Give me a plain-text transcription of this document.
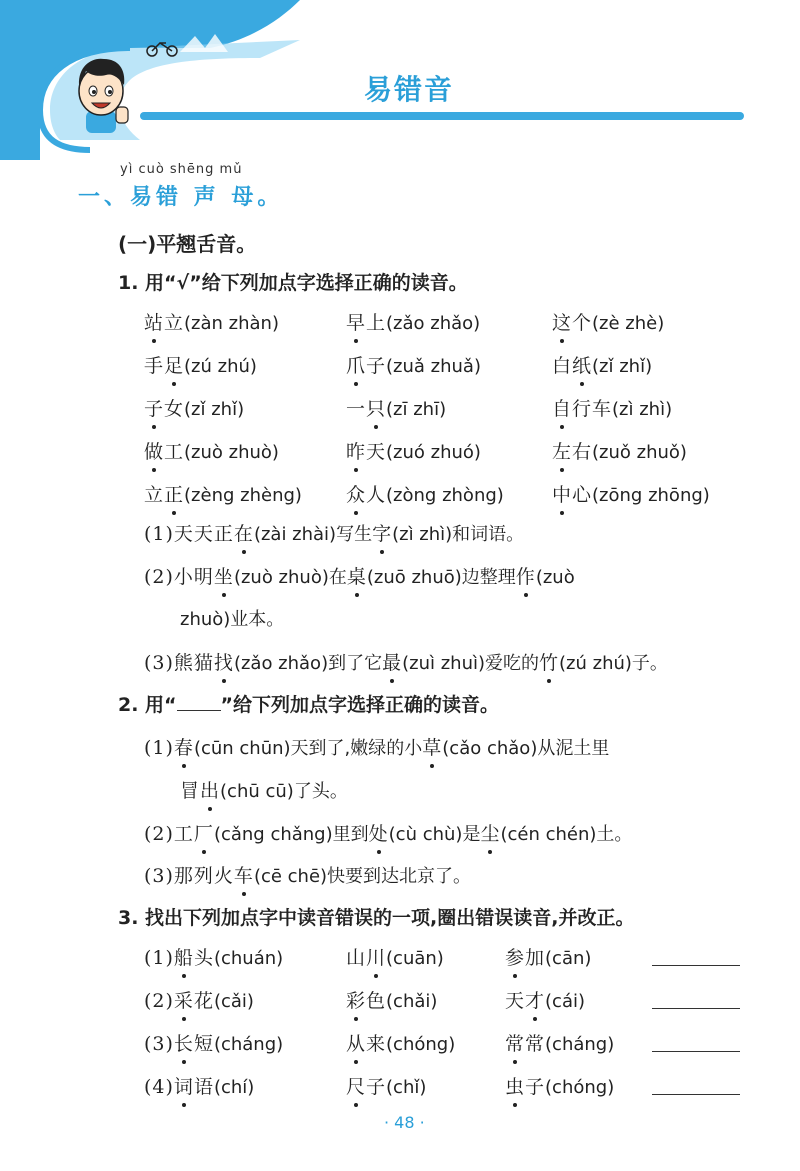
易错音
yì cuò shēng mǔ
一、易错 声 母。
(一)平翘舌音。
1. 用“√”给下列加点字选择正确的读音。
(1)天天正在(zài zhài)写生字(zì zhì)和词语。
(2)小明坐(zuò zhuò)在桌(zuō zhuō)边整理作(zuò
zhuò)业本。
(3)熊猫找(zǎo zhǎo)到了它最(zuì zhuì)爱吃的竹(zú zhú)子。
2. 用“ ”给下列加点字选择正确的读音。
(1)春(cūn chūn)天到了,嫩绿的小草(cǎo chǎo)从泥土里
冒出(chū cū)了头。
(2)工厂(cǎng chǎng)里到处(cù chù)是尘(cén chén)土。
(3)那列火车(cē chē)快要到达北京了。
3. 找出下列加点字中读音错误的一项,圈出错误读音,并改正。
· 48 ·
站立(zàn zhàn)	早上(zǎo zhǎo)	这个(zè zhè)
手足(zú zhú)	爪子(zuǎ zhuǎ)	白纸(zǐ zhǐ)
子女(zǐ zhǐ)	一只(zī zhī)	自行车(zì zhì)
做工(zuò zhuò)	昨天(zuó zhuó)	左右(zuǒ zhuǒ)
立正(zèng zhèng) 众人(zòng zhòng)	中心(zōng zhōng)
(1)船头(chuán)	山川(cuān)	参加(cān)
(2)采花(cǎi)	彩色(chǎi)	天才(cái)
(3)长短(cháng)	从来(chóng)	常常(cháng)
(4)词语(chí)	尺子(chǐ)	虫子(chóng)
